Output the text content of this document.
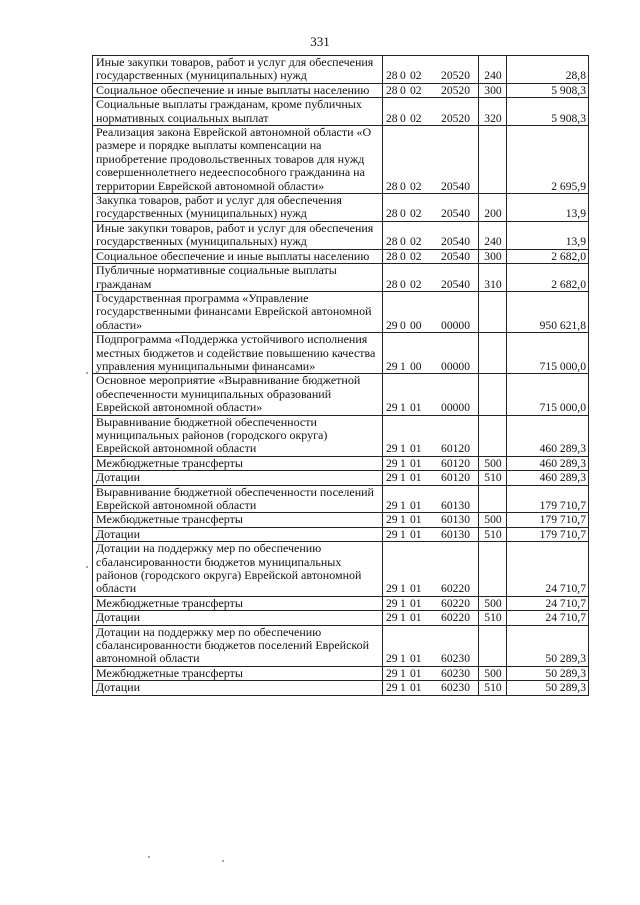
331
Иные закупки товаров, работ и услуг для обеспечения государственных (муниципальных) нужд	28 0 02 20520	240	28,8
Социальное обеспечение и иные выплаты населению	28 0 02 20520	300	5 908,3
Социальные выплаты гражданам, кроме публичных нормативных социальных выплат	28 0 02 20520	320	5 908,3
Реализация закона Еврейской автономной области «О размере и порядке выплаты компенсации на приобретение продовольственных товаров для нужд совершеннолетнего недееспособного гражданина на территории Еврейской автономной области»	28 0 02 20540		2 695,9
Закупка товаров, работ и услуг для обеспечения государственных (муниципальных) нужд	28 0 02 20540	200	13,9
Иные закупки товаров, работ и услуг для обеспечения государственных (муниципальных) нужд	28 0 02 20540	240	13,9
Социальное обеспечение и иные выплаты населению	28 0 02 20540	300	2 682,0
Публичные нормативные социальные выплаты гражданам	28 0 02 20540	310	2 682,0
Государственная программа «Управление государственными финансами Еврейской автономной области»	29 0 00 00000		950 621,8
Подпрограмма «Поддержка устойчивого исполнения местных бюджетов и содействие повышению качества управления муниципальными финансами»	29 1 00 00000		715 000,0
Основное мероприятие «Выравнивание бюджетной обеспеченности муниципальных образований Еврейской автономной области»	29 1 01 00000		715 000,0
Выравнивание бюджетной обеспеченности муниципальных районов (городского округа) Еврейской автономной области	29 1 01 60120		460 289,3
Межбюджетные трансферты	29 1 01 60120	500	460 289,3
Дотации	29 1 01 60120	510	460 289,3
Выравнивание бюджетной обеспеченности поселений Еврейской автономной области	29 1 01 60130		179 710,7
Межбюджетные трансферты	29 1 01 60130	500	179 710,7
Дотации	29 1 01 60130	510	179 710,7
Дотации на поддержку мер по обеспечению сбалансированности бюджетов муниципальных районов (городского округа) Еврейской автономной области	29 1 01 60220		24 710,7
Межбюджетные трансферты	29 1 01 60220	500	24 710,7
Дотации	29 1 01 60220	510	24 710,7
Дотации на поддержку мер по обеспечению сбалансированности бюджетов поселений Еврейской автономной области	29 1 01 60230		50 289,3
Межбюджетные трансферты	29 1 01 60230	500	50 289,3
Дотации	29 1 01 60230	510	50 289,3
